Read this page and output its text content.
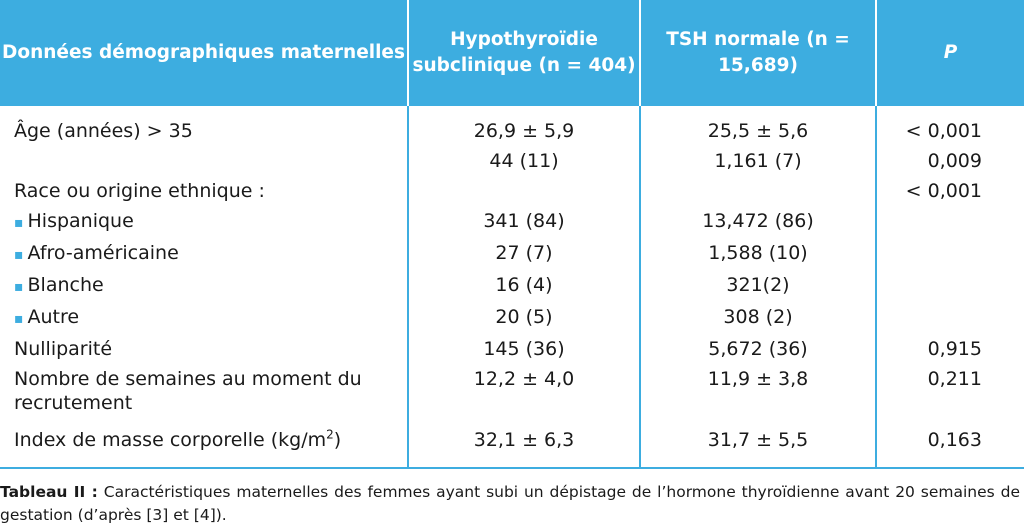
Données démographiques maternelles	Hypothyroïdie subclinique (n = 404)	TSH normale (n = 15,689)	P
Âge (années) > 35	26,9 ± 5,9	25,5 ± 5,6	< 0,001
	44 (11)	1,161 (7)	0,009
Race ou origine ethnique :			< 0,001
▪ Hispanique	341 (84)	13,472 (86)	
▪ Afro-américaine	27 (7)	1,588 (10)	
▪ Blanche	16 (4)	321(2)	
▪ Autre	20 (5)	308 (2)	
Nulliparité	145 (36)	5,672 (36)	0,915
Nombre de semaines au moment du recrutement	12,2 ± 4,0	11,9 ± 3,8	0,211
Index de masse corporelle $(kg/m^2)$	32,1 ± 6,3	31,7 ± 5,5	0,163
Tableau II : Caractéristiques maternelles des femmes ayant subi un dépistage de l’hormone thyroïdienne avant 20 semaines de gestation (d’après [3] et [4]).
